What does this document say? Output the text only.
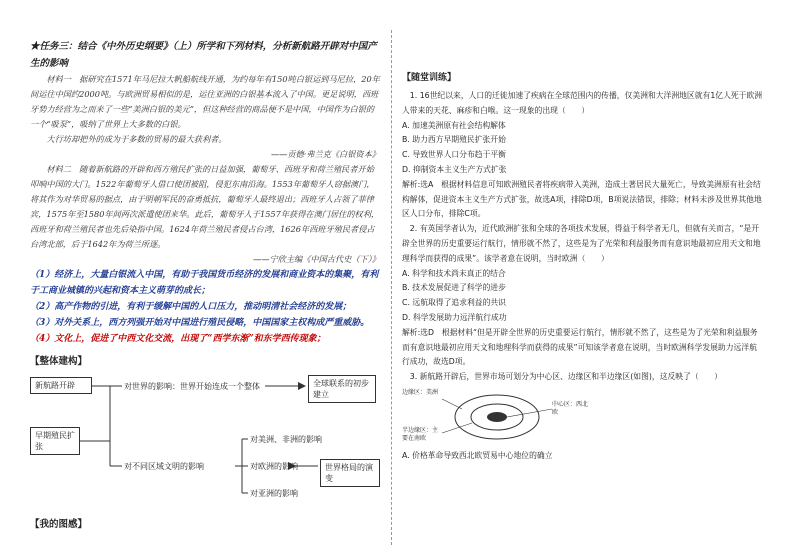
★任务三：结合《中外历史纲要》（上）所学和下列材料，分析新航路开辟对中国产生的影响

材料一　据研究在1571年马尼拉大帆船航线开通，为约每年有150吨白银运到马尼拉，20年间运往中国约2000吨。与欧洲贸易相似的是，运往亚洲的白银基本流入了中国。更足说明，西班牙势力经营为之而来了一些“美洲白银的美元”，但这种经营的商品便不是中国，中国作为白银的一个“吸泵”，吸纳了世界上大多数的白银。

大行坊却把外的成为于多数的贸易的最大获利者。

——贡德·弗兰克《白银资本》

材料二　随着新航路的开辟和西方殖民扩张的日益加强，葡萄牙、西班牙和荷兰殖民者开始叩响中国的大门。1522年葡萄牙人借口使团被阻，侵犯东南沿海。1553年葡萄牙人窃据澳门，将其作为对华贸易的据点，由于明朝军民的奋勇抵抗，葡萄牙人最终退出；西班牙人占领了菲律宾，1575年至1580年间两次派遣使团来华。此后，葡萄牙人于1557年获得在澳门居住的权利，西班牙和荷兰殖民者也先后染指中国。1624年荷兰殖民者侵占台湾，1626年西班牙殖民者侵占台湾北部，后于1642年为荷兰所逐。

——宁欣主编《中国古代史（下）》

（1）经济上，大量白银流入中国，有助于我国货币经济的发展和商业资本的集聚，有利于工商业城镇的兴起和资本主义萌芽的成长；

（2）高产作物的引进，有利于缓解中国的人口压力，推动明清社会经济的发展；

（3）对外关系上，西方列强开始对中国进行殖民侵略，中国国家主权构成严重威胁。

（4）文化上，促进了中西文化交流，出现了“西学东渐”和东学西传现象；

【整体建构】

新航路开辟
早期殖民扩张
对世界的影响：世界开始连成一个整体
对不同区域文明的影响
对美洲、非洲的影响
对欧洲的影响
对亚洲的影响
全球联系的初步建立
世界格局的演变

【我的图感】

【随堂训练】

1. 16世纪以来，人口的迁徙加速了疾病在全球范围内的传播，仅美洲和大洋洲地区就有1亿人死于欧洲人带来的天花、麻疹和白喉。这一现象的出现（　　）

A. 加速美洲原有社会结构解体

B. 助力西方早期殖民扩张开始

C. 导致世界人口分布趋于平衡

D. 抑制资本主义生产方式扩张

解析:选A　根据材料信息可知欧洲殖民者将疾病带入美洲，造成土著居民大量死亡，导致美洲原有社会结构解体，促进资本主义生产方式扩张，故选A项，排除D项，B项说法错误，排除；材料未涉及世界其他地区人口分布，排除C项。

2. 有英国学者认为，近代欧洲扩张和全球的各项技术发展，得益于科学者无几，但就有关而言，“是开辟全世界的历史重要运行航行，情形就不然了，这些是为了光荣和利益服务而有意识地最初应用天文和地理科学而获得的成果”。该学者意在说明，当时欧洲（　　）

A. 科学和技术尚未真正的结合

B. 技术发展促进了科学的进步

C. 远航取得了追求利益的共识

D. 科学发展助力远洋航行成功

解析:选D　根据材料“但是开辟全世界的历史重要运行航行，情形就不然了，这些是为了光荣和利益服务而有意识地最初应用天文和地理科学而获得的成果”可知该学者意在说明，当时欧洲科学发展助力远洋航行成功，故选D项。

3. 新航路开辟后，世界市场可划分为中心区、边缘区和半边缘区(如图)，这反映了（　　）

边缘区：美洲
半边缘区：主要在南欧
中心区：西北欧

A. 价格革命导致西北欧贸易中心地位的确立
